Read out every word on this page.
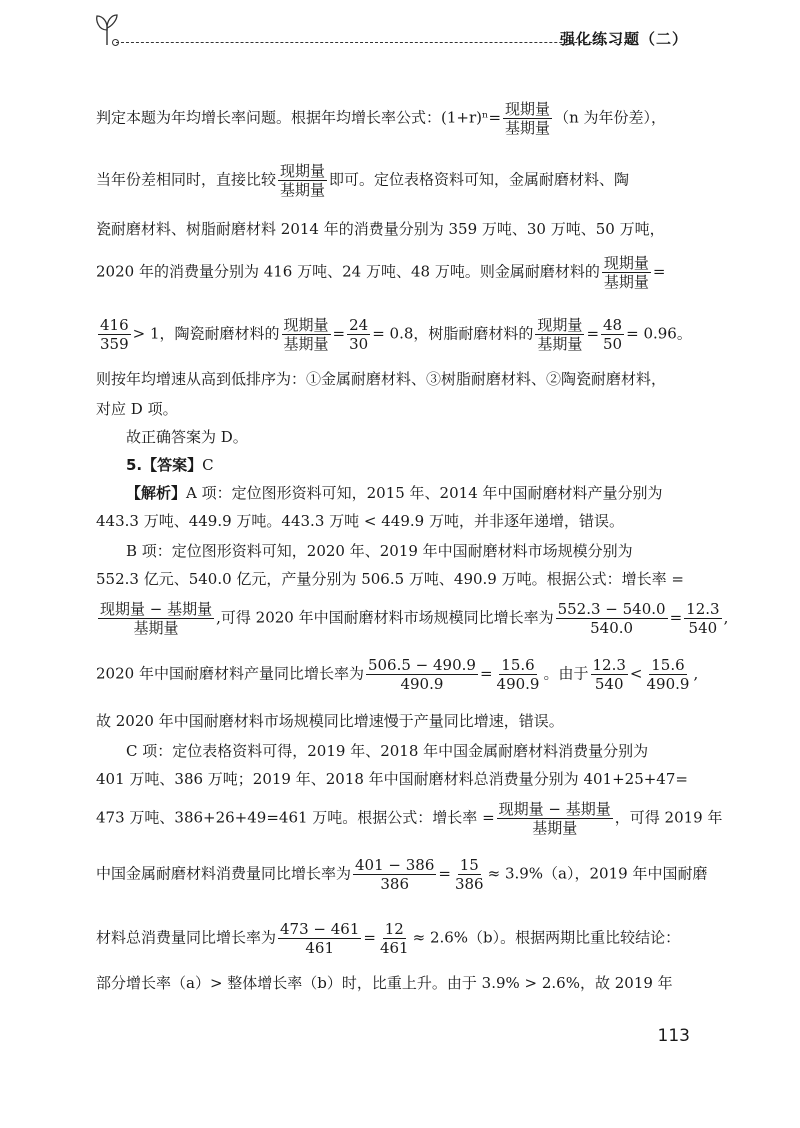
强化练习题（二）
判定本题为年均增长率问题。根据年均增长率公式：$(1+r)^n= \frac{\text{现期量}}{\text{基期量}} (n$ 为年份差），
当年份差相同时，直接比较 $\frac{\text{现期量}}{\text{基期量}}$ 即可。定位表格资料可知，金属耐磨材料、陶
瓷耐磨材料、树脂耐磨材料 2014 年的消费量分别为 359 万吨、30 万吨、50 万吨，
2020 年的消费量分别为 416 万吨、24 万吨、48 万吨。则金属耐磨材料的 $\frac{\text{现期量}}{\text{基期量}}$ =
$\frac{416}{359} > 1$，陶瓷耐磨材料的 $\frac{\text{现期量}}{\text{基期量}} = \frac{24}{30} = 0.8$，树脂耐磨材料的 $\frac{\text{现期量}}{\text{基期量}} = \frac{48}{50} = 0.96$。
则按年均增速从高到低排序为：①金属耐磨材料、③树脂耐磨材料、②陶瓷耐磨材料，
对应 D 项。
故正确答案为 D。
5.【答案】C
【解析】A 项：定位图形资料可知，2015 年、2014 年中国耐磨材料产量分别为
443.3 万吨、449.9 万吨。443.3 万吨 < 449.9 万吨，并非逐年递增，错误。
B 项：定位图形资料可知，2020 年、2019 年中国耐磨材料市场规模分别为
552.3 亿元、540.0 亿元，产量分别为 506.5 万吨、490.9 万吨。根据公式：增长率 =
$\frac{\text{现期量 − 基期量}}{\text{基期量}}$ ,可得 2020 年中国耐磨材料市场规模同比增长率为 $\frac{552.3 - 540.0}{540.0} = \frac{12.3}{540}$ ,
2020 年中国耐磨材料产量同比增长率为 $\frac{506.5 - 490.9}{490.9} = \frac{15.6}{490.9}$ 。由于 $\frac{12.3}{540} < \frac{15.6}{490.9}$ ,
故 2020 年中国耐磨材料市场规模同比增速慢于产量同比增速，错误。
C 项：定位表格资料可得，2019 年、2018 年中国金属耐磨材料消费量分别为
401 万吨、386 万吨；2019 年、2018 年中国耐磨材料总消费量分别为 401+25+47=
473 万吨、386+26+49=461 万吨。根据公式：增长率 = $\frac{\text{现期量 − 基期量}}{\text{基期量}}$ ，可得 2019 年
中国金属耐磨材料消费量同比增长率为 $\frac{401 - 386}{386} = \frac{15}{386} \approx 3.9\%(a)$，2019 年中国耐磨
材料总消费量同比增长率为 $\frac{473 - 461}{461} = \frac{12}{461} \approx 2.6\%(b)$。根据两期比重比较结论：
部分增长率（a）> 整体增长率（b）时，比重上升。由于 3.9% > 2.6%，故 2019 年
113
